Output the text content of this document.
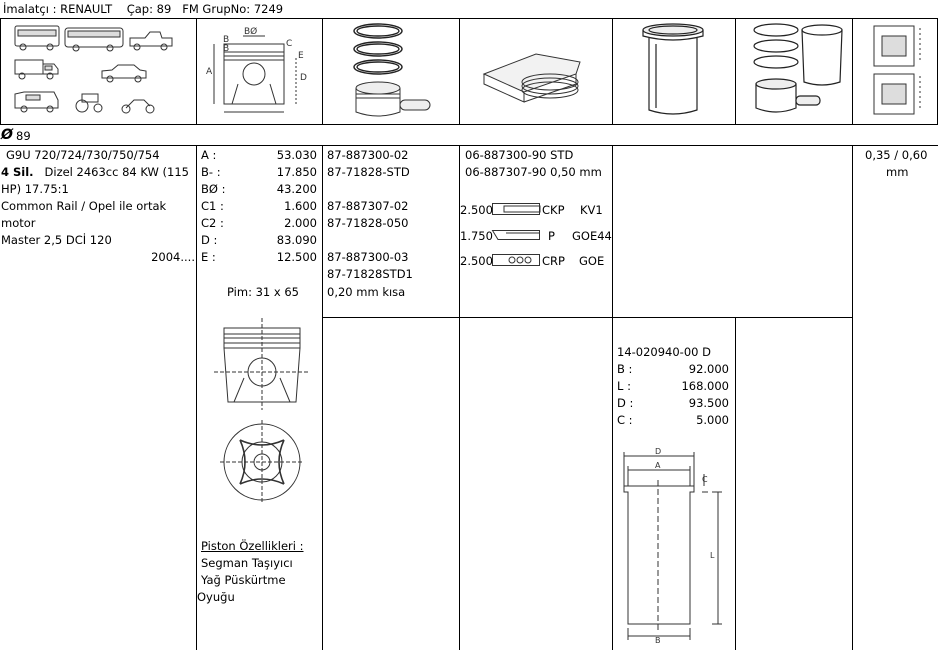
İmalatçı : RENAULT Çap: 89 FM GrupNo: 7249
BØ
B
B
A
C
E
D
Ø 89
G9U 720/724/730/750/754
4 Sil. Dizel 2463cc 84 KW (115
HP) 17.75:1
Common Rail / Opel ile ortak
motor
Master 2,5 DCİ 120
2004....
A :	53.030
B- :	17.850
BØ :	43.200
C1 :	1.600
C2 :	2.000
D :	83.090
E :	12.500
Pim: 31 x 65
Piston Özellikleri :
Segman Taşıyıcı
Yağ Püskürtme
Oyuğu
87-887300-02
87-71828-STD
87-887307-02
87-71828-050
87-887300-03
87-71828STD1
0,20 mm kısa
06-887300-90 STD
06-887307-90 0,50 mm
2.500	CKP KV1
1.750	P GOE44
2.500	CRP GOE
0,35 / 0,60
mm
14-020940-00 D
B :	92.000
L :	168.000
D :	93.500
C :	5.000
D
A
C
L
B
